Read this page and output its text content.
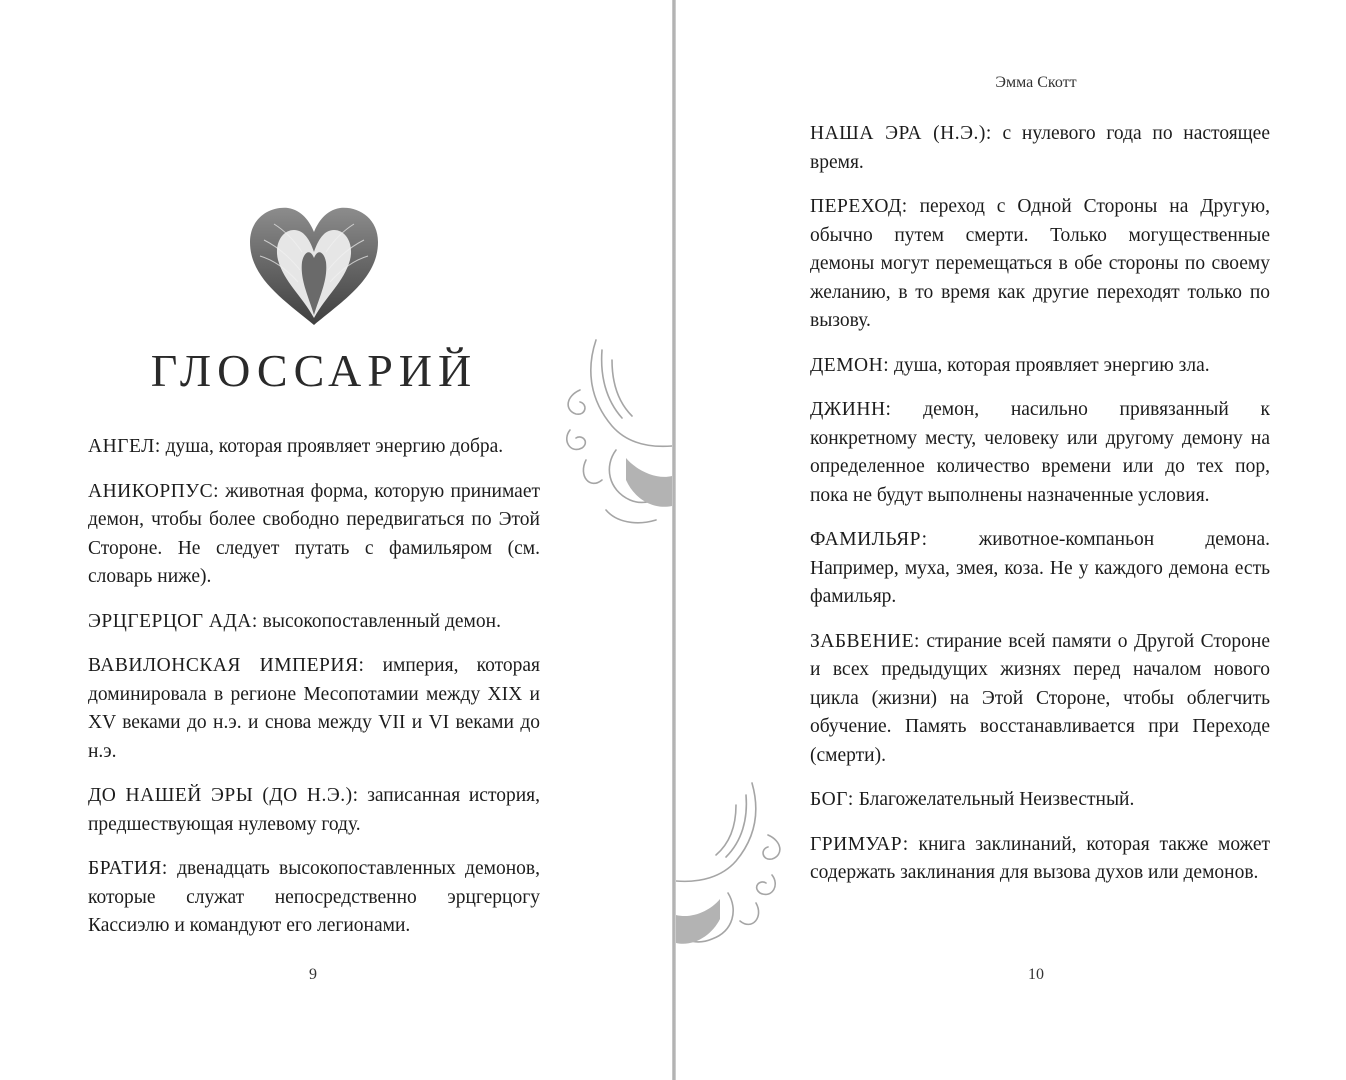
ГЛОССАРИЙ

АНГЕЛ: душа, которая проявляет энергию добра.

АНИКОРПУС: животная форма, которую принимает демон, чтобы более свободно передвигаться по Этой Стороне. Не следует путать с фамильяром (см. словарь ниже).

ЭРЦГЕРЦОГ АДА: высокопоставленный демон.

ВАВИЛОНСКАЯ ИМПЕРИЯ: империя, которая доминировала в регионе Месопотамии между XIX и XV веками до н.э. и снова между VII и VI веками до н.э.

ДО НАШЕЙ ЭРЫ (ДО Н.Э.): записанная история, предшествующая нулевому году.

БРАТИЯ: двенадцать высокопоставленных демонов, которые служат непосредственно эрцгерцогу Кассиэлю и командуют его легионами.

9
Эмма Скотт

НАША ЭРА (Н.Э.): с нулевого года по настоящее время.

ПЕРЕХОД: переход с Одной Стороны на Другую, обычно путем смерти. Только могущественные демоны могут перемещаться в обе стороны по своему желанию, в то время как другие переходят только по вызову.

ДЕМОН: душа, которая проявляет энергию зла.

ДЖИНН: демон, насильно привязанный к конкретному месту, человеку или другому демону на определенное количество времени или до тех пор, пока не будут выполнены назначенные условия.

ФАМИЛЬЯР: животное-компаньон демона. Например, муха, змея, коза. Не у каждого демона есть фамильяр.

ЗАБВЕНИЕ: стирание всей памяти о Другой Стороне и всех предыдущих жизнях перед началом нового цикла (жизни) на Этой Стороне, чтобы облегчить обучение. Память восстанавливается при Переходе (смерти).

БОГ: Благожелательный Неизвестный.

ГРИМУАР: книга заклинаний, которая также может содержать заклинания для вызова духов или демонов.

10
